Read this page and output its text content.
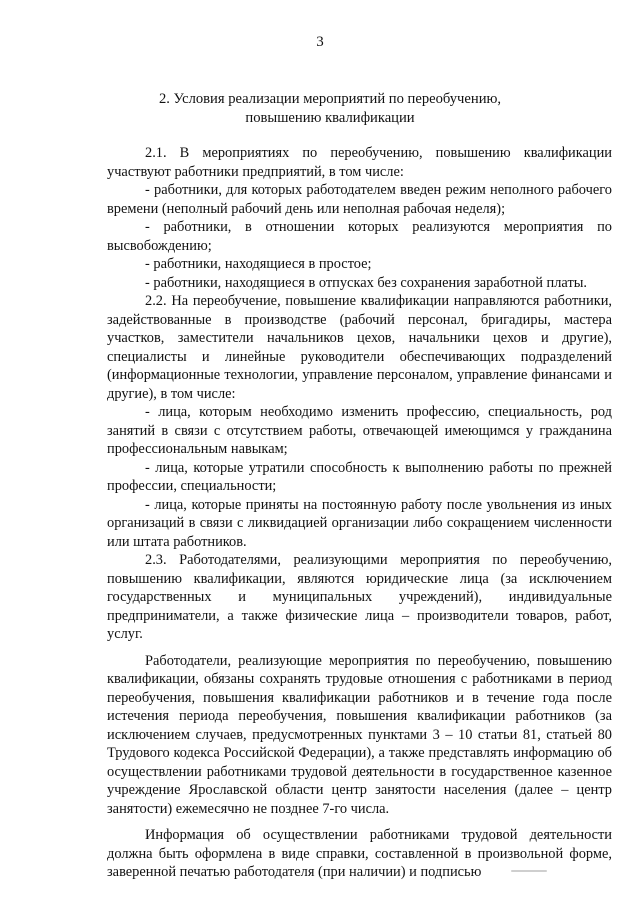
3
2. Условия реализации мероприятий по переобучению,
повышению квалификации

2.1. В мероприятиях по переобучению, повышению квалификации участвуют работники предприятий, в том числе:

- работники, для которых работодателем введен режим неполного рабочего времени (неполный рабочий день или неполная рабочая неделя);

- работники, в отношении которых реализуются мероприятия по высвобождению;

- работники, находящиеся в простое;

- работники, находящиеся в отпусках без сохранения заработной платы.

2.2. На переобучение, повышение квалификации направляются работники, задействованные в производстве (рабочий персонал, бригадиры, мастера участков, заместители начальников цехов, начальники цехов и другие), специалисты и линейные руководители обеспечивающих подразделений (информационные технологии, управление персоналом, управление финансами и другие), в том числе:

- лица, которым необходимо изменить профессию, специальность, род занятий в связи с отсутствием работы, отвечающей имеющимся у гражданина профессиональным навыкам;

- лица, которые утратили способность к выполнению работы по прежней профессии, специальности;

- лица, которые приняты на постоянную работу после увольнения из иных организаций в связи с ликвидацией организации либо сокращением численности или штата работников.

2.3. Работодателями, реализующими мероприятия по переобучению, повышению квалификации, являются юридические лица (за исключением государственных и муниципальных учреждений), индивидуальные предприниматели, а также физические лица – производители товаров, работ, услуг.

Работодатели, реализующие мероприятия по переобучению, повышению квалификации, обязаны сохранять трудовые отношения с работниками в период переобучения, повышения квалификации работников и в течение года после истечения периода переобучения, повышения квалификации работников (за исключением случаев, предусмотренных пунктами 3 – 10 статьи 81, статьей 80 Трудового кодекса Российской Федерации), а также представлять информацию об осуществлении работниками трудовой деятельности в государственное казенное учреждение Ярославской области центр занятости населения (далее – центр занятости) ежемесячно не позднее 7-го числа.

Информация об осуществлении работниками трудовой деятельности должна быть оформлена в виде справки, составленной в произвольной форме, заверенной печатью работодателя (при наличии) и подписью
